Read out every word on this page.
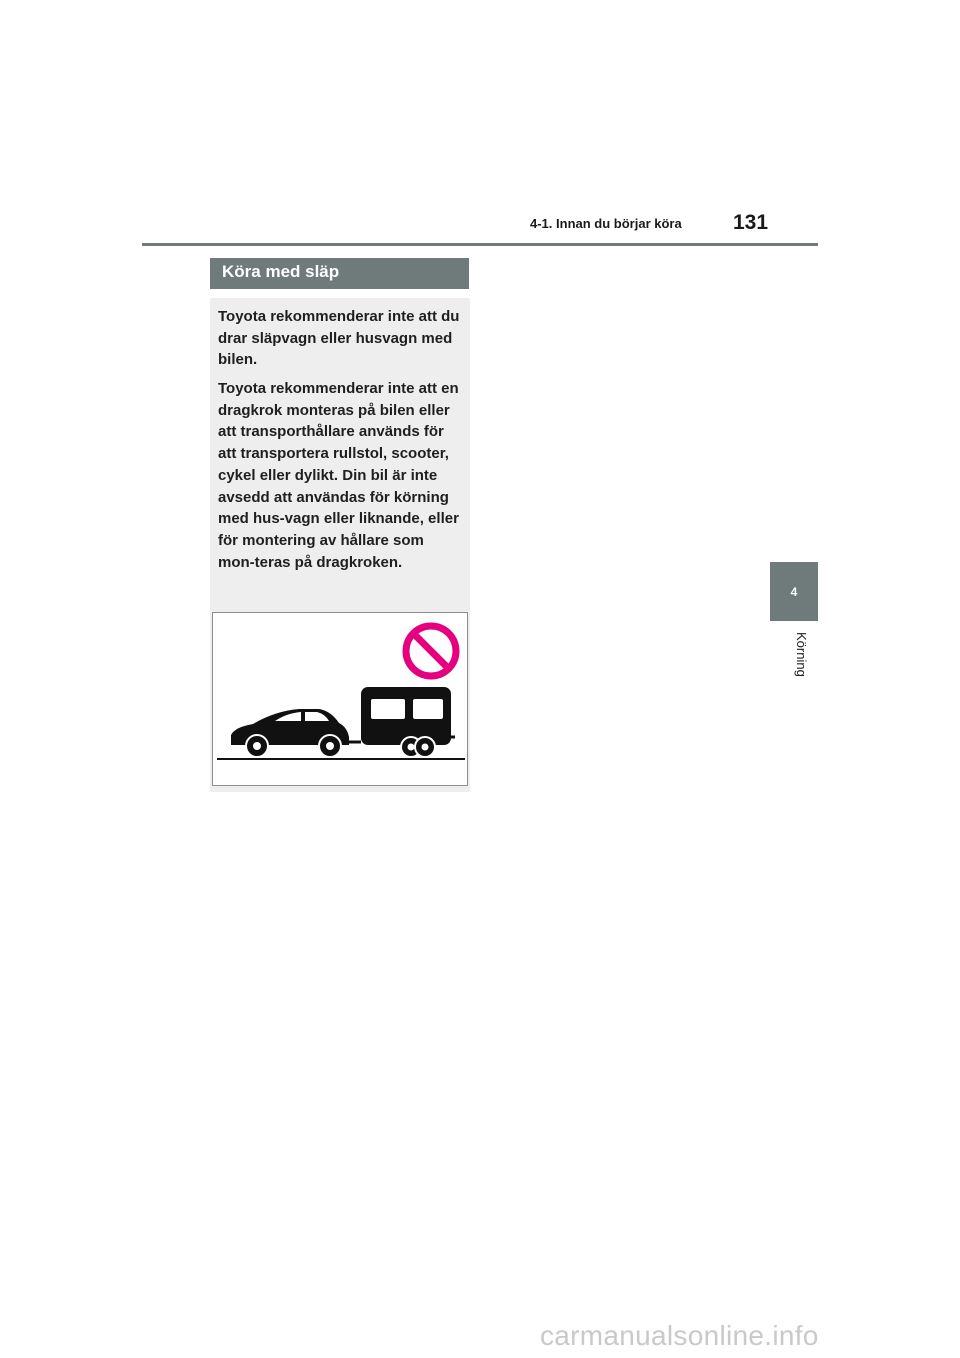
4-1. Innan du börjar köra 131
4
Körning
Köra med släp

Toyota rekommenderar inte att du drar släpvagn eller husvagn med bilen.

Toyota rekommenderar inte att en dragkrok monteras på bilen eller att transporthållare används för att transportera rullstol, scooter, cykel eller dylikt. Din bil är inte avsedd att användas för körning med hus-vagn eller liknande, eller för montering av hållare som mon-teras på dragkroken.

carmanualsonline.info
